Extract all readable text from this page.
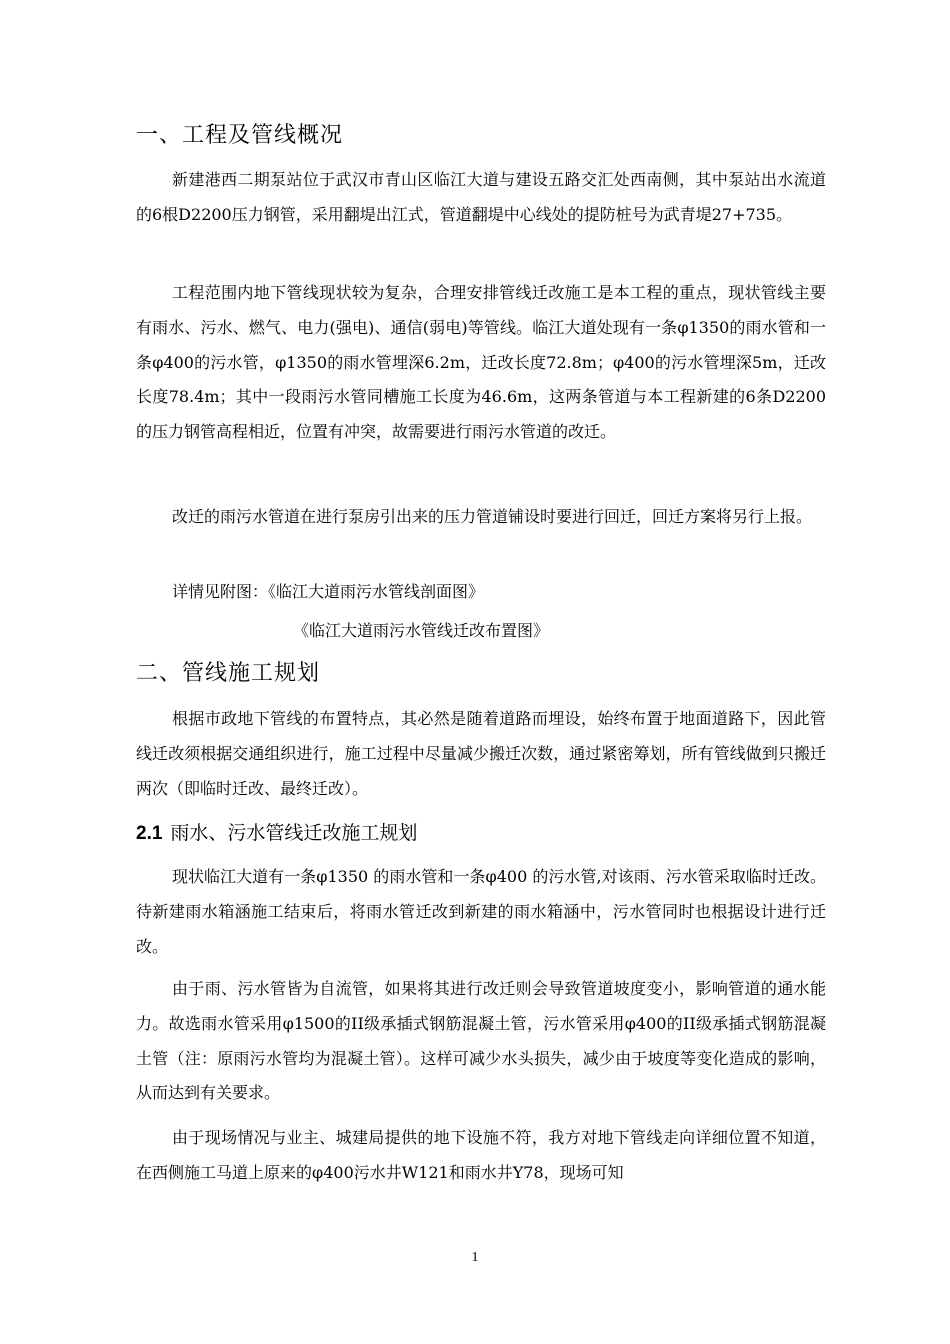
一、工程及管线概况

新建港西二期泵站位于武汉市青山区临江大道与建设五路交汇处西南侧，其中泵站出水流道的6根D2200压力钢管，采用翻堤出江式，管道翻堤中心线处的提防桩号为武青堤27+735。

工程范围内地下管线现状较为复杂，合理安排管线迁改施工是本工程的重点，现状管线主要有雨水、污水、燃气、电力(强电)、通信(弱电)等管线。临江大道处现有一条φ1350的雨水管和一条φ400的污水管，φ1350的雨水管埋深6.2m，迁改长度72.8m；φ400的污水管埋深5m，迁改长度78.4m；其中一段雨污水管同槽施工长度为46.6m，这两条管道与本工程新建的6条D2200的压力钢管高程相近，位置有冲突，故需要进行雨污水管道的改迁。

改迁的雨污水管道在进行泵房引出来的压力管道铺设时要进行回迁，回迁方案将另行上报。

详情见附图：《临江大道雨污水管线剖面图》

《临江大道雨污水管线迁改布置图》

二、管线施工规划

根据市政地下管线的布置特点，其必然是随着道路而埋设，始终布置于地面道路下，因此管线迁改须根据交通组织进行，施工过程中尽量减少搬迁次数，通过紧密筹划，所有管线做到只搬迁两次（即临时迁改、最终迁改）。

2.1 雨水、污水管线迁改施工规划

现状临江大道有一条φ1350 的雨水管和一条φ400 的污水管,对该雨、污水管采取临时迁改。待新建雨水箱涵施工结束后，将雨水管迁改到新建的雨水箱涵中，污水管同时也根据设计进行迁改。

由于雨、污水管皆为自流管，如果将其进行改迁则会导致管道坡度变小，影响管道的通水能力。故选雨水管采用φ1500的II级承插式钢筋混凝土管，污水管采用φ400的II级承插式钢筋混凝土管（注：原雨污水管均为混凝土管）。这样可减少水头损失，减少由于坡度等变化造成的影响，从而达到有关要求。

由于现场情况与业主、城建局提供的地下设施不符，我方对地下管线走向详细位置不知道，在西侧施工马道上原来的φ400污水井W121和雨水井Y78，现场可知

1
